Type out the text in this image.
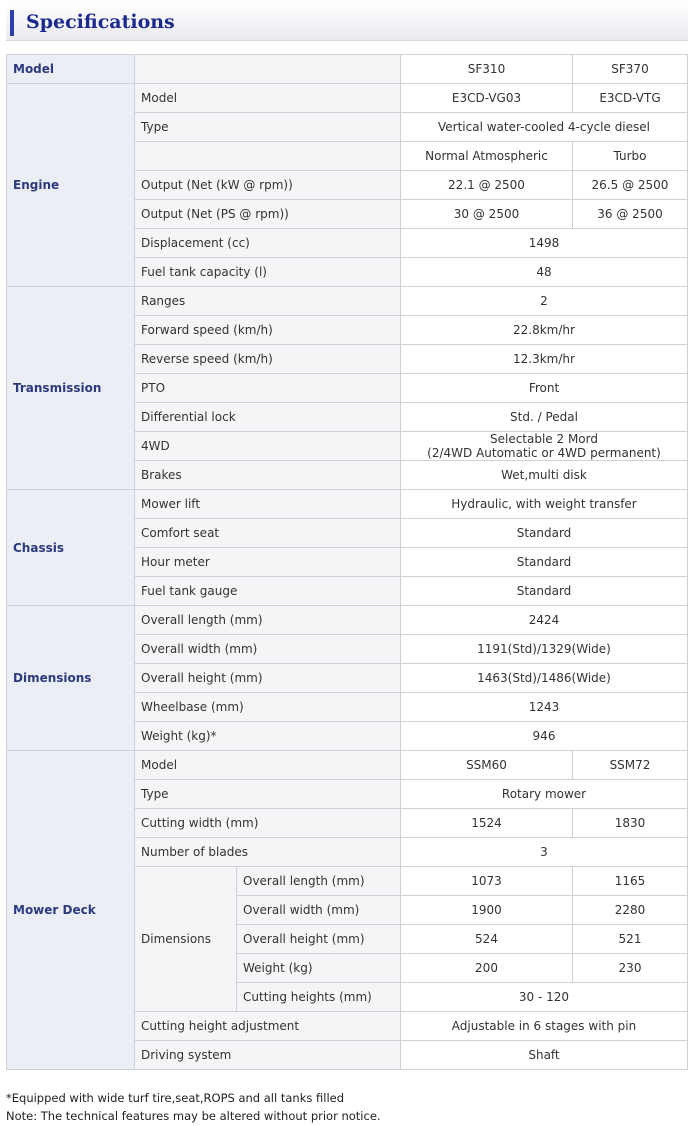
Specifications
Model			SF310	SF370
Engine	Model		E3CD-VG03	E3CD-VTG
	Type		Vertical water-cooled 4-cycle diesel	
			Normal Atmospheric	Turbo
	Output (Net (kW @ rpm))		22.1 @ 2500	26.5 @ 2500
	Output (Net (PS @ rpm))		30 @ 2500	36 @ 2500
	Displacement (cc)		1498	
	Fuel tank capacity (l)		48	
Transmission	Ranges		2	
	Forward speed (km/h)		22.8km/hr	
	Reverse speed (km/h)		12.3km/hr	
	PTO		Front	
	Differential lock		Std. / Pedal	
	4WD		Selectable 2 Mord
(2/4WD Automatic or 4WD permanent)	

	Brakes		Wet,multi disk	
Chassis	Mower lift		Hydraulic, with weight transfer	
	Comfort seat		Standard	
	Hour meter		Standard	
	Fuel tank gauge		Standard	
Dimensions	Overall length (mm)		2424	
	Overall width (mm)		1191(Std)/1329(Wide)	
	Overall height (mm)		1463(Std)/1486(Wide)	
	Wheelbase (mm)		1243	
	Weight (kg)*		946	
Mower Deck	Model		SSM60	SSM72
	Type		Rotary mower	
	Cutting width (mm)		1524	1830
	Number of blades		3	
	Dimensions	Overall length (mm)	1073	1165
		Overall width (mm)	1900	2280
		Overall height (mm)	524	521
		Weight (kg)	200	230
		Cutting heights (mm)	30 - 120	
	Cutting height adjustment		Adjustable in 6 stages with pin	
	Driving system		Shaft	
*Equipped with wide turf tire,seat,ROPS and all tanks filled
Note: The technical features may be altered without prior notice.
